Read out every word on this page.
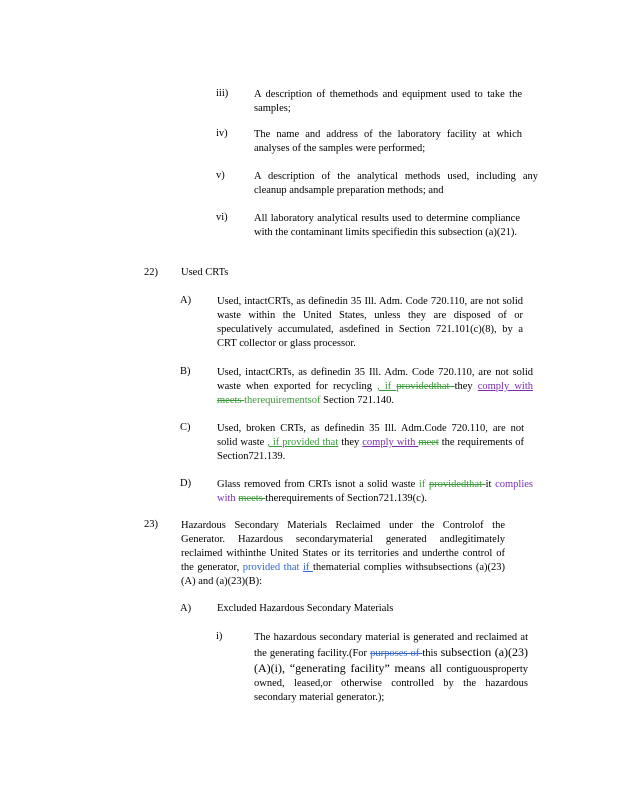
iii) A description of themethods and equipment used to take the samples;
iv)	The name and address of the laboratory facility at which analyses of the samples were performed;
v)	A description of the analytical methods used, including any cleanup andsample preparation methods; and
vi)	All laboratory analytical results used to determine compliance with the contaminant limits specifiedin this subsection (a)(21).
22) Used CRTs
A) Used, intactCRTs, as definedin 35 Ill. Adm. Code 720.110, are not solid waste within the United States, unless they are disposed of or speculatively accumulated, asdefined in Section 721.101(c)(8), by a CRT collector or glass processor.
B)	Used, intactCRTs, as definedin 35 Ill. Adm. Code 720.110, are not solid waste when exported for recycling , if providedthat they comply with meets therequirementsof Section 721.140.
C)	Used, broken CRTs, as definedin 35 Ill. Adm.Code 720.110, are not solid waste , if provided that they comply with meet the requirements of Section721.139.
D) Glass removed from CRTs isnot a solid waste if providedthat it complies with meets therequirements of Section721.139(c).
23) Hazardous Secondary Materials Reclaimed under the Controlof the Generator. Hazardous secondarymaterial generated andlegitimately reclaimed withinthe United States or its territories and underthe control of the generator, provided that if thematerial complies withsubsections (a)(23)(A) and (a)(23)(B):
A) Excluded Hazardous Secondary Materials
i)	The hazardous secondary material is generated and reclaimed at the generating facility.(For purposes of this subsection (a)(23)(A)(i), “generating facility” means all contiguousproperty owned, leased,or otherwise controlled by the hazardous secondary material generator.);
